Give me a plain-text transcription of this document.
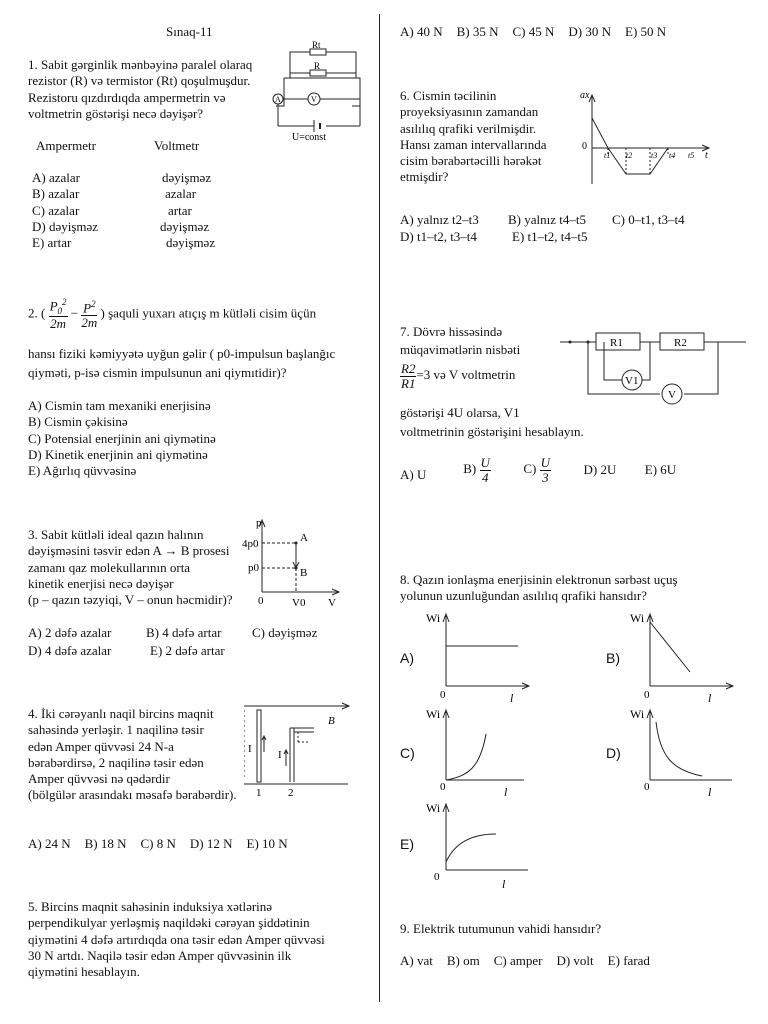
Sınaq-11
1. Sabit gərginlik mənbəyinə paralel olaraq
rezistor (R) və termistor (Rt) qoşulmuşdur.
Rezistoru qızdırdıqda ampermetrin və
voltmetrin göstərişi necə dəyişər?
Rt
R
A	V
U=const
Ampermetr	Voltmetr
A) azalar	dəyişməz
B) azalar	azalar
C) azalar	artar
D) dəyişməz	dəyişməz
E) artar	dəyişməz
2. ( $\frac{P_0^2}{2m} - \frac{P^2}{2m}$ ) şaquli yuxarı atıçış m kütləli cisim üçün
hansı fiziki kəmiyyətə uyğun gəlir ( p0-impulsun başlanğıc
qiyməti, p-isə cismin impulsunun ani qiymıtidir)?
A) Cismin tam mexaniki enerjisinə
B) Cismin çəkisinə
C) Potensial enerjinin ani qiymətinə
D) Kinetik enerjinin ani qiymətinə
E) Ağırlıq qüvvəsinə
3. Sabit kütləli ideal qazın halının
dəyişməsini təsvir edən A → B prosesi
zamanı qaz molekullarının orta
kinetik enerjisi necə dəyişər
(p – qazın təzyiqi, V – onun həcmidir)?
p
4p0
p0
0	V0 V
A
B
A) 2 dəfə azalar	B) 4 dəfə artar C) dəyişməz
D) 4 dəfə azalar	E) 2 dəfə artar
4. İki cərəyanlı naqil bircins maqnit
sahəsində yerləşir. 1 naqilinə təsir
edən Amper qüvvəsi 24 N-a
bərabərdirsə, 2 naqilinə təsir edən
Amper qüvvəsi nə qədərdir
(bölgülər arasındakı məsafə bərabərdir).
B
I I
1 2
A) 24 N B) 18 N C) 8 N D) 12 N E) 10 N
5. Bircins maqnit sahəsinin induksiya xətlərinə
perpendikulyar yerləşmiş naqildəki cərəyan şiddətinin
qiymətini 4 dəfə artırdıqda ona təsir edən Amper qüvvəsi
30 N artdı. Naqilə təsir edən Amper qüvvəsinin ilk
qiymətini hesablayın.
A) 40 N B) 35 N C) 45 N D) 30 N E) 50 N
6. Cismin təcilinin
proyeksiyasının zamandan
asılılıq qrafiki verilmişdir.
Hansı zaman intervallarında
cisim bərabərtəcilli hərəkət
etmişdir?
ax
0
t
t1 t2 t3 t4 t5
A) yalnız t2–t3 B) yalnız t4–t5 C) 0–t1, t3–t4
D) t1–t2, t3–t4	E) t1–t2, t4–t5
7. Dövrə hissəsində
müqavimətlərin nisbəti
$\frac{R2}{R1} =3$ və V voltmetrin
göstərişi 4U olarsa, V1
voltmetrinin göstərişini hesablayın.
R1	R2
V1
V
A) U	$B) \frac{U}{4}$	$C) \frac{U}{3}$	D) 2U E) 6U
8. Qazın ionlaşma enerjisinin elektronun sərbəst uçuş
yolunun uzunluğundan asılılıq qrafiki hansıdır?
A)
Wi
0	l
B)
Wi
0	l
C)
Wi
0	l
D)
Wi
0	l
E)
Wi
0	l
9. Elektrik tutumunun vahidi hansıdır?
A) vat B) om C) amper D) volt E) farad
